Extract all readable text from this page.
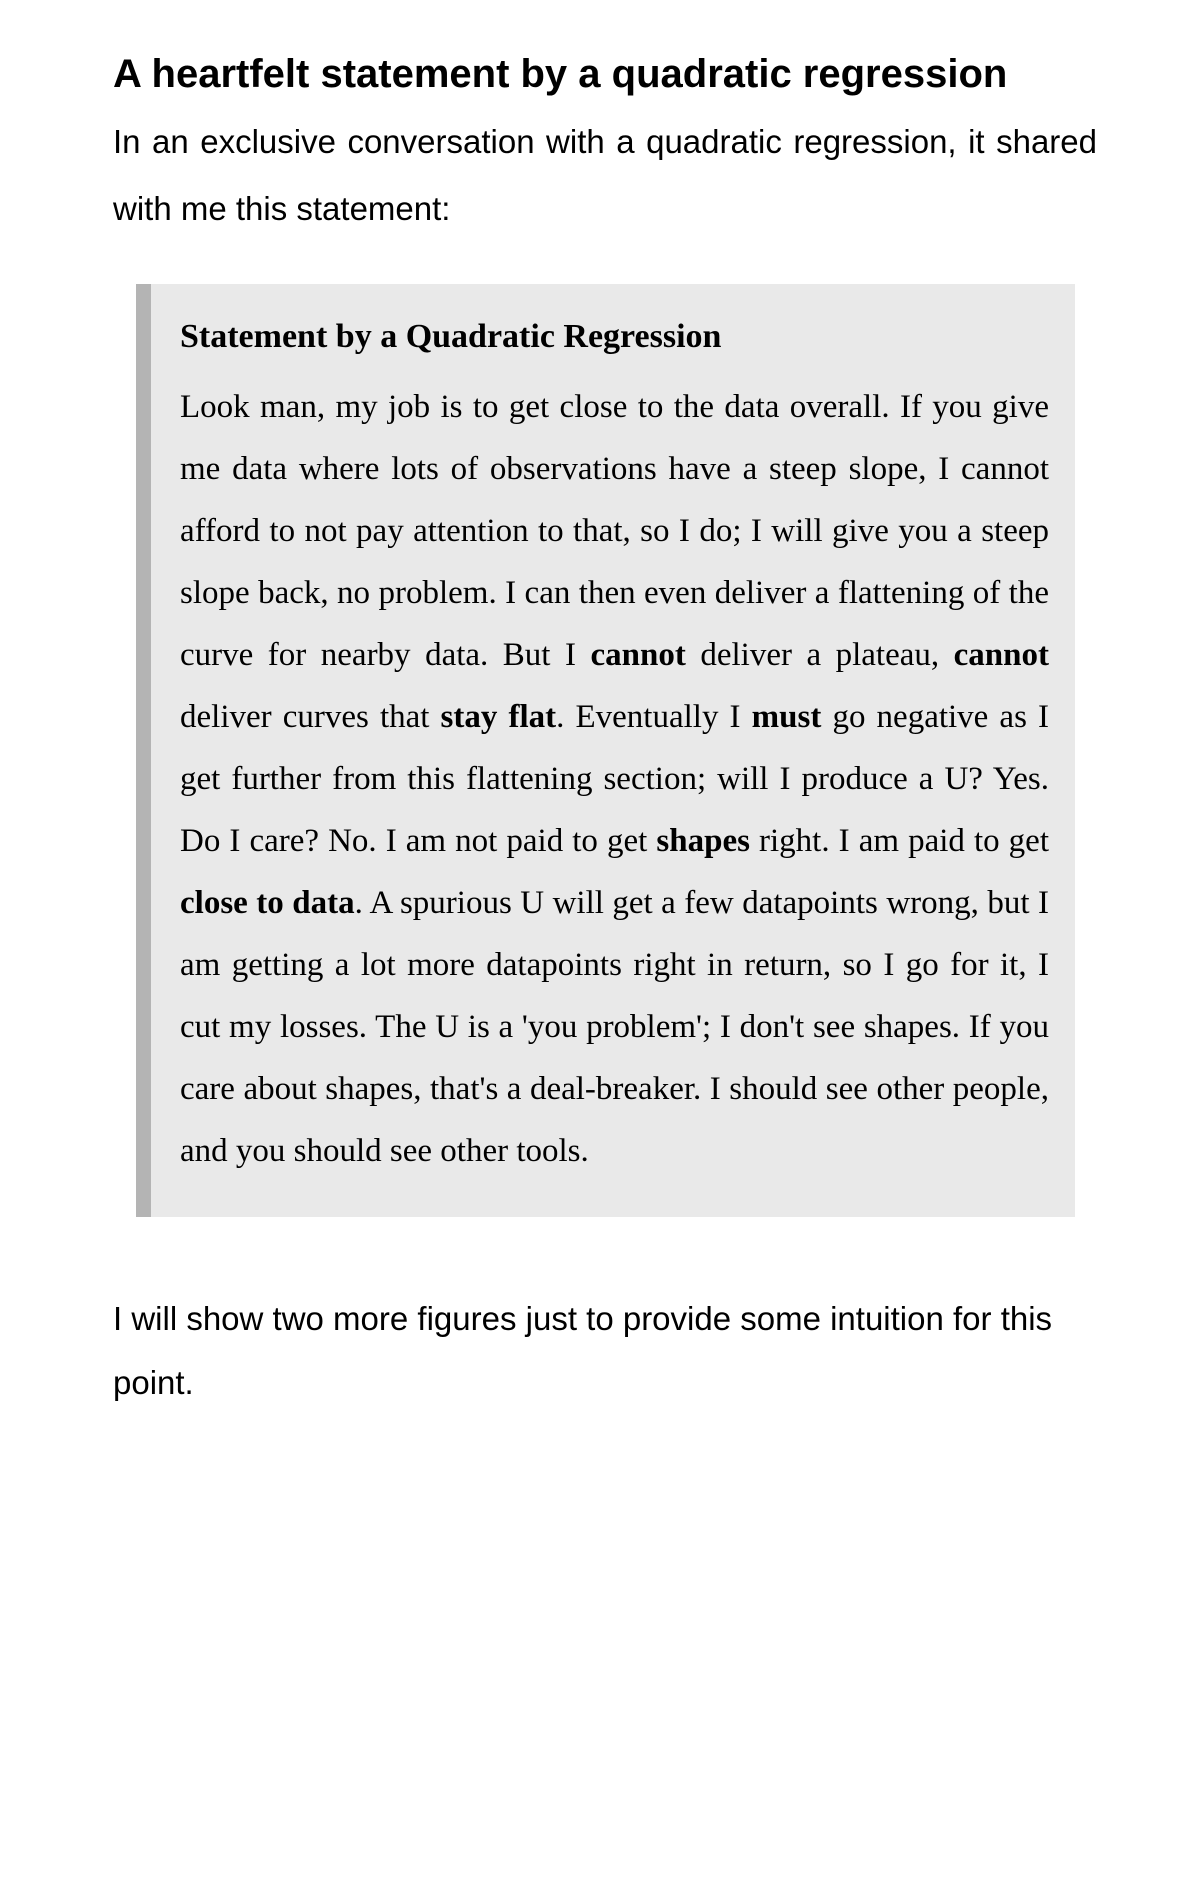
A heartfelt statement by a quadratic regression

In an exclusive conversation with a quadratic regression, it shared with me this statement:

Statement by a Quadratic Regression

Look man, my job is to get close to the data overall. If you give me data where lots of observations have a steep slope, I cannot afford to not pay attention to that, so I do; I will give you a steep slope back, no problem. I can then even deliver a flattening of the curve for nearby data. But I cannot deliver a plateau, cannot deliver curves that stay flat. Eventually I must go negative as I get further from this flattening section; will I produce a U? Yes. Do I care? No. I am not paid to get shapes right. I am paid to get close to data. A spurious U will get a few datapoints wrong, but I am getting a lot more datapoints right in return, so I go for it, I cut my losses. The U is a 'you problem'; I don't see shapes. If you care about shapes, that's a deal-breaker. I should see other people, and you should see other tools.

I will show two more figures just to provide some intuition for this point.
